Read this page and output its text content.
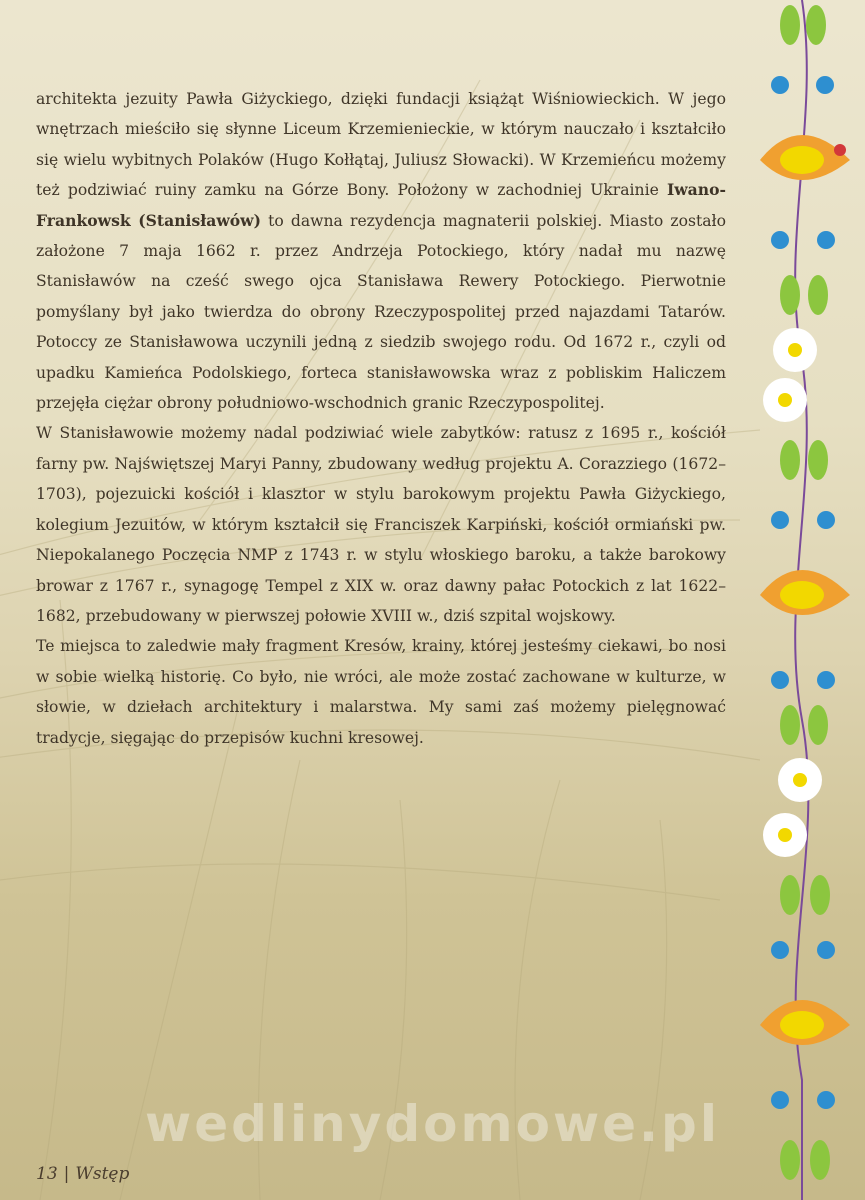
architekta jezuity Pawła Giżyckiego, dzięki fundacji książąt Wiśniowieckich. W jego wnętrzach mieściło się słynne Liceum Krzemienieckie, w którym nauczało i kształciło się wielu wybitnych Polaków (Hugo Kołłątaj, Juliusz Słowacki). W Krzemieńcu możemy też podziwiać ruiny zamku na Górze Bony. Położony w zachodniej Ukrainie Iwano-Frankowsk (Stanisławów) to dawna rezydencja magnaterii polskiej. Miasto zostało założone 7 maja 1662 r. przez Andrzeja Potockiego, który nadał mu nazwę Stanisławów na cześć swego ojca Stanisława Rewery Potockiego. Pierwotnie pomyślany był jako twierdza do obrony Rzeczypospolitej przed najazdami Tatarów. Potoccy ze Stanisławowa uczynili jedną z siedzib swojego rodu. Od 1672 r., czyli od upadku Kamieńca Podolskiego, forteca stanisławowska wraz z pobliskim Haliczem przejęła ciężar obrony południowo-wschodnich granic Rzeczypospolitej.

W Stanisławowie możemy nadal podziwiać wiele zabytków: ratusz z 1695 r., kościół farny pw. Najświętszej Maryi Panny, zbudowany według projektu A. Corazziego (1672–1703), pojezuicki kościół i klasztor w stylu barokowym projektu Pawła Giżyckiego, kolegium Jezuitów, w którym kształcił się Franciszek Karpiński, kościół ormiański pw. Niepokalanego Poczęcia NMP z 1743 r. w stylu włoskiego baroku, a także barokowy browar z 1767 r., synagogę Tempel z XIX w. oraz dawny pałac Potockich z lat 1622–1682, przebudowany w pierwszej połowie XVIII w., dziś szpital wojskowy.

Te miejsca to zaledwie mały fragment Kresów, krainy, której jesteśmy ciekawi, bo nosi w sobie wielką historię. Co było, nie wróci, ale może zostać zachowane w kulturze, w słowie, w dziełach architektury i malarstwa. My sami zaś możemy pielęgnować tradycje, sięgając do przepisów kuchni kresowej.

wedlinydomowe.pl
13 | Wstęp
